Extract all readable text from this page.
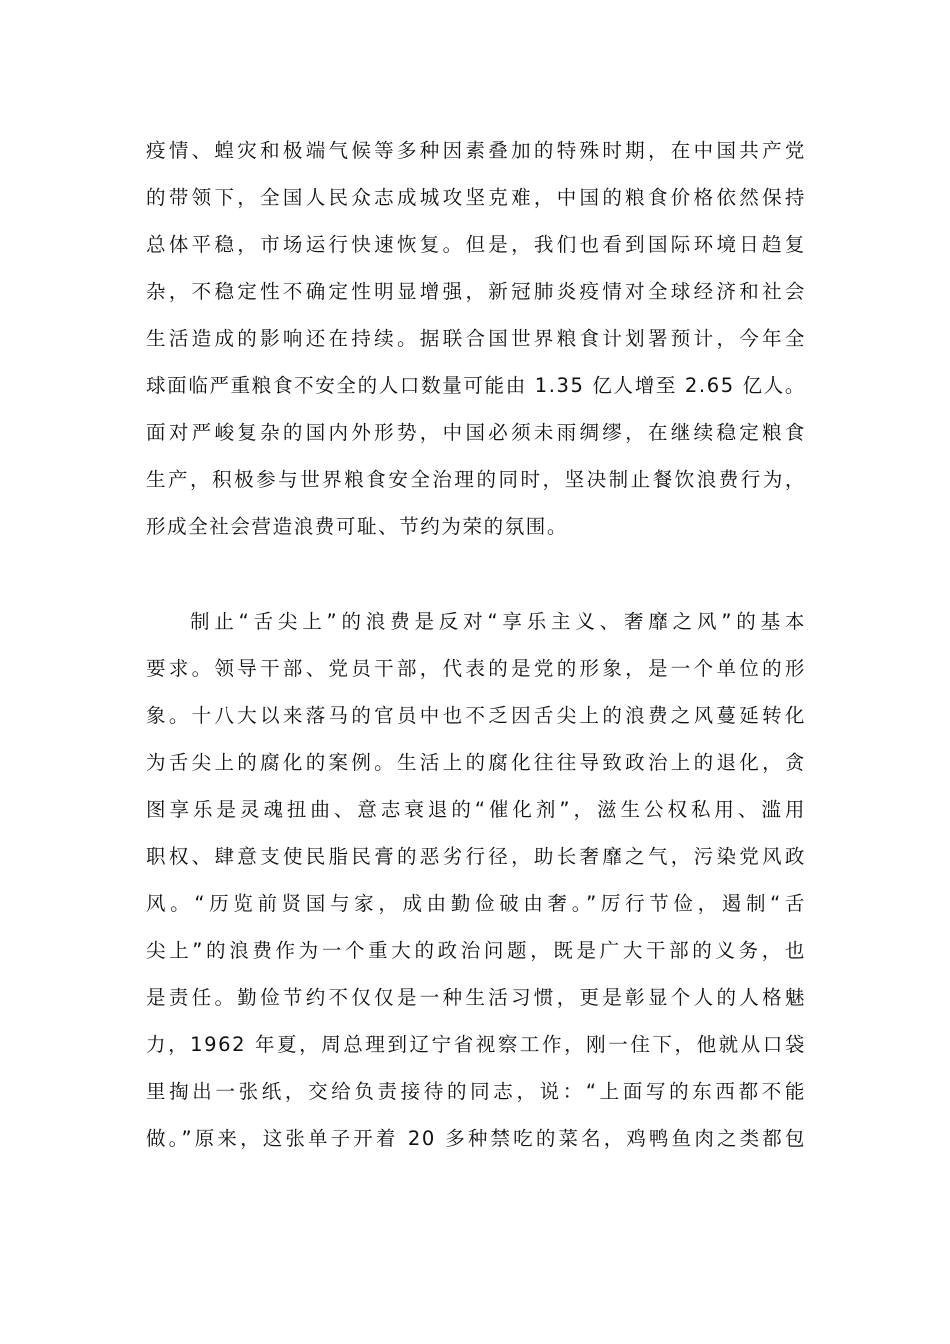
疫情、蝗灾和极端气候等多种因素叠加的特殊时期，在中国共产党
的带领下，全国人民众志成城攻坚克难，中国的粮食价格依然保持
总体平稳，市场运行快速恢复。但是，我们也看到国际环境日趋复
杂，不稳定性不确定性明显增强，新冠肺炎疫情对全球经济和社会
生活造成的影响还在持续。据联合国世界粮食计划署预计，今年全
球面临严重粮食不安全的人口数量可能由 1.35 亿人增至 2.65 亿人。
面对严峻复杂的国内外形势，中国必须未雨绸缪，在继续稳定粮食
生产，积极参与世界粮食安全治理的同时，坚决制止餐饮浪费行为，
形成全社会营造浪费可耻、节约为荣的氛围。
制止“舌尖上”的浪费是反对“享乐主义、奢靡之风”的基本
要求。领导干部、党员干部，代表的是党的形象，是一个单位的形
象。十八大以来落马的官员中也不乏因舌尖上的浪费之风蔓延转化
为舌尖上的腐化的案例。生活上的腐化往往导致政治上的退化，贪
图享乐是灵魂扭曲、意志衰退的“催化剂”，滋生公权私用、滥用
职权、肆意支使民脂民膏的恶劣行径，助长奢靡之气，污染党风政
风。“历览前贤国与家，成由勤俭破由奢。”厉行节俭，遏制“舌
尖上”的浪费作为一个重大的政治问题，既是广大干部的义务，也
是责任。勤俭节约不仅仅是一种生活习惯，更是彰显个人的人格魅
力，1962 年夏，周总理到辽宁省视察工作，刚一住下，他就从口袋
里掏出一张纸，交给负责接待的同志，说：“上面写的东西都不能
做。”原来，这张单子开着 20 多种禁吃的菜名，鸡鸭鱼肉之类都包
